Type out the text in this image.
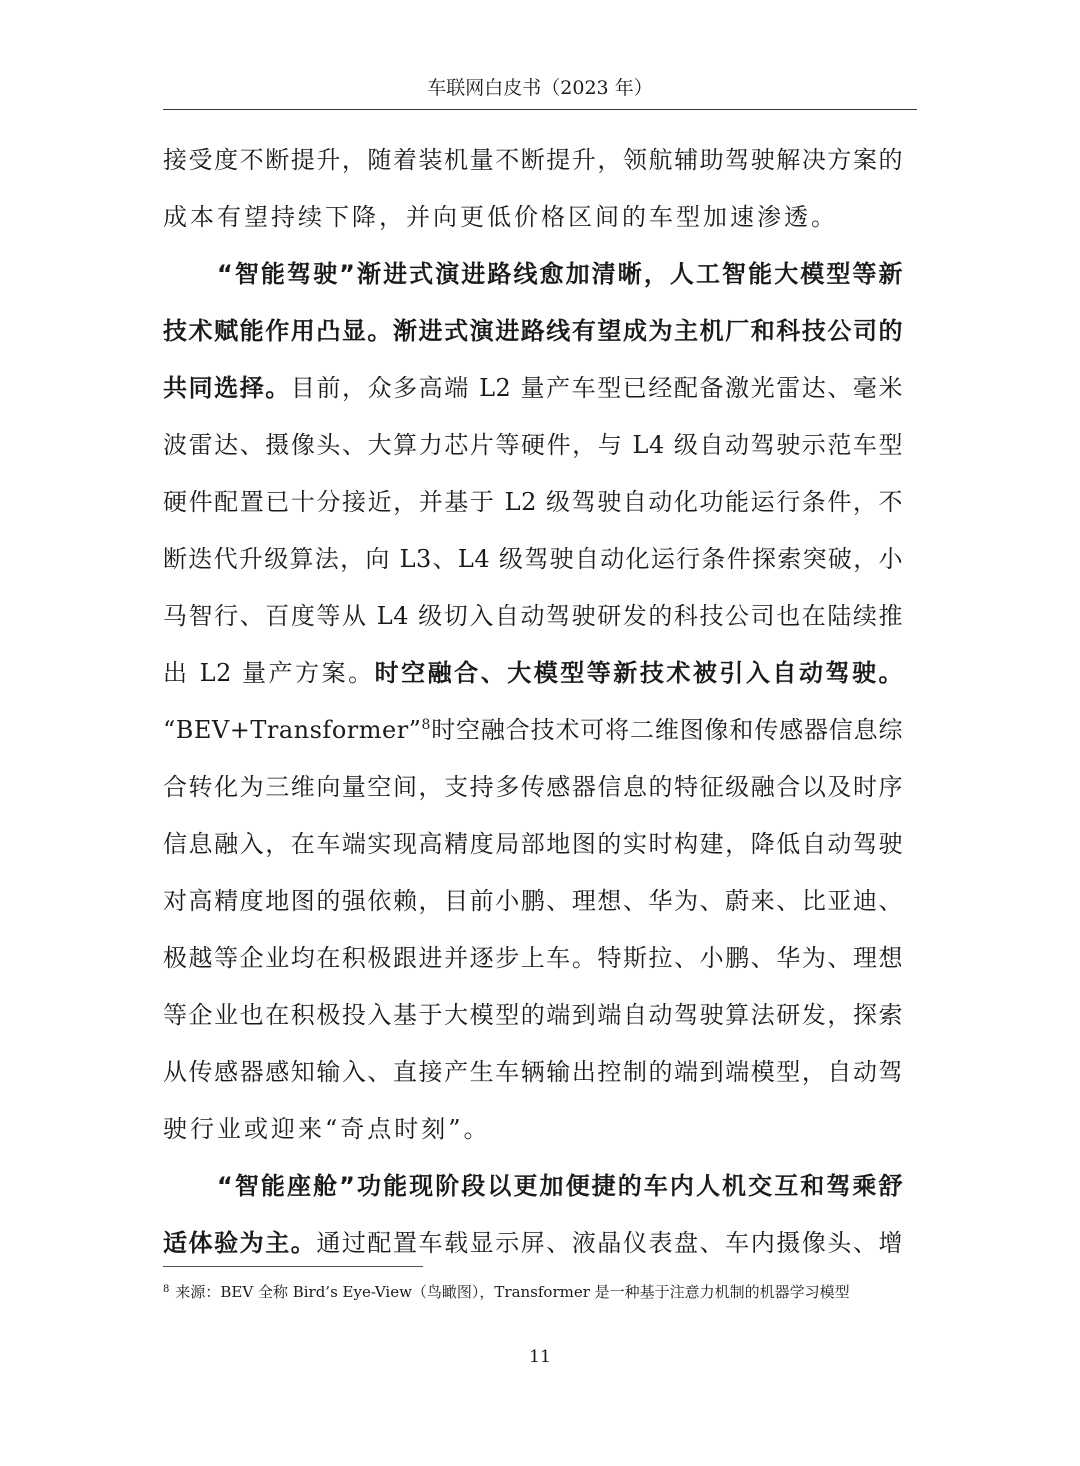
车联网白皮书（2023 年）
接受度不断提升，随着装机量不断提升，领航辅助驾驶解决方案的
成本有望持续下降，并向更低价格区间的车型加速渗透。
“智能驾驶”渐进式演进路线愈加清晰，人工智能大模型等新
技术赋能作用凸显。渐进式演进路线有望成为主机厂和科技公司的
共同选择。目前，众多高端 L2 量产车型已经配备激光雷达、毫米
波雷达、摄像头、大算力芯片等硬件，与 L4 级自动驾驶示范车型
硬件配置已十分接近，并基于 L2 级驾驶自动化功能运行条件，不
断迭代升级算法，向 L3、L4 级驾驶自动化运行条件探索突破，小
马智行、百度等从 L4 级切入自动驾驶研发的科技公司也在陆续推
出 L2 量产方案。时空融合、大模型等新技术被引入自动驾驶。
“BEV+Transformer”$^8$时空融合技术可将二维图像和传感器信息综
合转化为三维向量空间，支持多传感器信息的特征级融合以及时序
信息融入，在车端实现高精度局部地图的实时构建，降低自动驾驶
对高精度地图的强依赖，目前小鹏、理想、华为、蔚来、比亚迪、
极越等企业均在积极跟进并逐步上车。特斯拉、小鹏、华为、理想
等企业也在积极投入基于大模型的端到端自动驾驶算法研发，探索
从传感器感知输入、直接产生车辆输出控制的端到端模型，自动驾
驶行业或迎来“奇点时刻”。
“智能座舱”功能现阶段以更加便捷的车内人机交互和驾乘舒
适体验为主。通过配置车载显示屏、液晶仪表盘、车内摄像头、增
$^8$ 来源：BEV 全称 Bird’s Eye-View（鸟瞰图），Transformer 是一种基于注意力机制的机器学习模型
11
